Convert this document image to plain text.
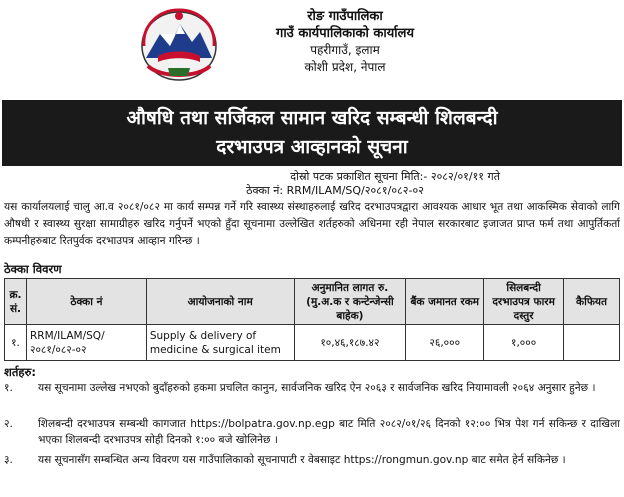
रोङ गाउँपालिका
गाउँ कार्यपालिकाको कार्यालय
पहरीगाउँ, इलाम
कोशी प्रदेश, नेपाल
औषधि तथा सर्जिकल सामान खरिद सम्बन्धी शिलबन्दी
दरभाउपत्र आव्हानको सूचना
दोस्रो पटक प्रकाशित सूचना मिति:- २०८२/०१/११ गते
ठेक्का नं: RRM/ILAM/SQ/२०८१/०८२-०२
यस कार्यालयलाई चालु आ.व २०८१/०८२ मा कार्य सम्पन्न गर्ने गरि स्वास्थ्य संस्थाहरुलाई खरिद दरभाउपत्रद्वारा आवश्यक आधार भूत तथा आकस्मिक सेवाको लागि औषधी र स्वास्थ्य सुरक्षा सामाग्रीहरु खरिद गर्नुपर्ने भएको हुँदा सूचनामा उल्लेखित शर्तहरुको अधिनमा रही नेपाल सरकारबाट इजाजत प्राप्त फर्म तथा आपुर्तिकर्ता कम्पनीहरुबाट रितपुर्वक दरभाउपत्र आव्हान गरिन्छ ।
ठेक्का विवरण
क्र. सं.	ठेक्का नं	आयोजनाको नाम	अनुमानित लागत रु. (मु.अ.क र कन्टेन्जेन्सी बाहेक)	बैंक जमानत रकम	सिलबन्दी दरभाउपत्र फारम दस्तुर	कैफियत
१.	RRM/ILAM/SQ/ २०८१/०८२-०२	Supply & delivery of medicine & surgical item	१०,४६,१८७.४२	२६,०००	१,०००	
शर्तहरु:
१.	यस सूचनामा उल्लेख नभएको बुदाँहरुको हकमा प्रचलित कानुन, सार्वजनिक खरिद ऐन २०६३ र सार्वजनिक खरिद नियामावली २०६४ अनुसार हुनेछ ।
२.	शिलबन्दी दरभाउपत्र सम्बन्धी कागजात https://bolpatra.gov.np.egp बाट मिति २०८२/०१/२६ दिनको १२:०० भित्र पेश गर्न सकिन्छ र दाखिला भएका शिलबन्दी दरभाउपत्र सोही दिनको १:०० बजे खोलिनेछ ।
३.	यस सूचनासँग सम्बन्धित अन्य विवरण यस गाउँपालिकाको सूचनापाटी र वेबसाइट https://rongmun.gov.np बाट समेत हेर्न सकिनेछ ।
